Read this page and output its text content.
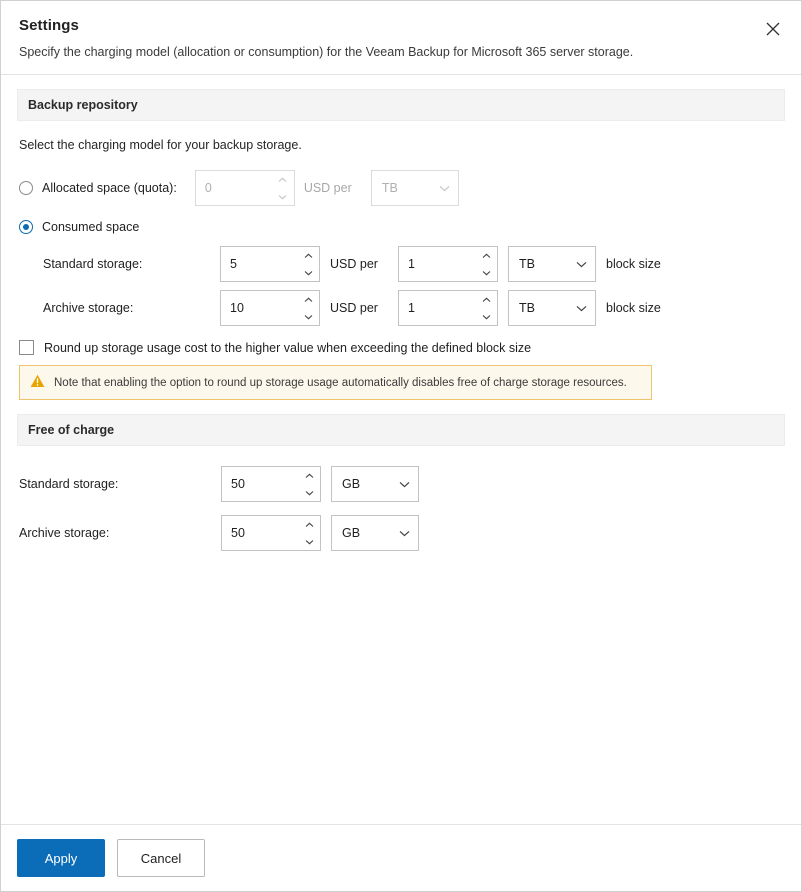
Settings
Specify the charging model (allocation or consumption) for the Veeam Backup for Microsoft 365 server storage.
Backup repository
Select the charging model for your backup storage.
Allocated space (quota):	0	USD per	TB
Consumed space
Standard storage:	5	USD per	1	TB	block size
Archive storage:	10	USD per	1	TB	block size
Round up storage usage cost to the higher value when exceeding the defined block size
Note that enabling the option to round up storage usage automatically disables free of charge storage resources.
Free of charge
Standard storage:	50	GB
Archive storage:	50	GB
Apply	Cancel
